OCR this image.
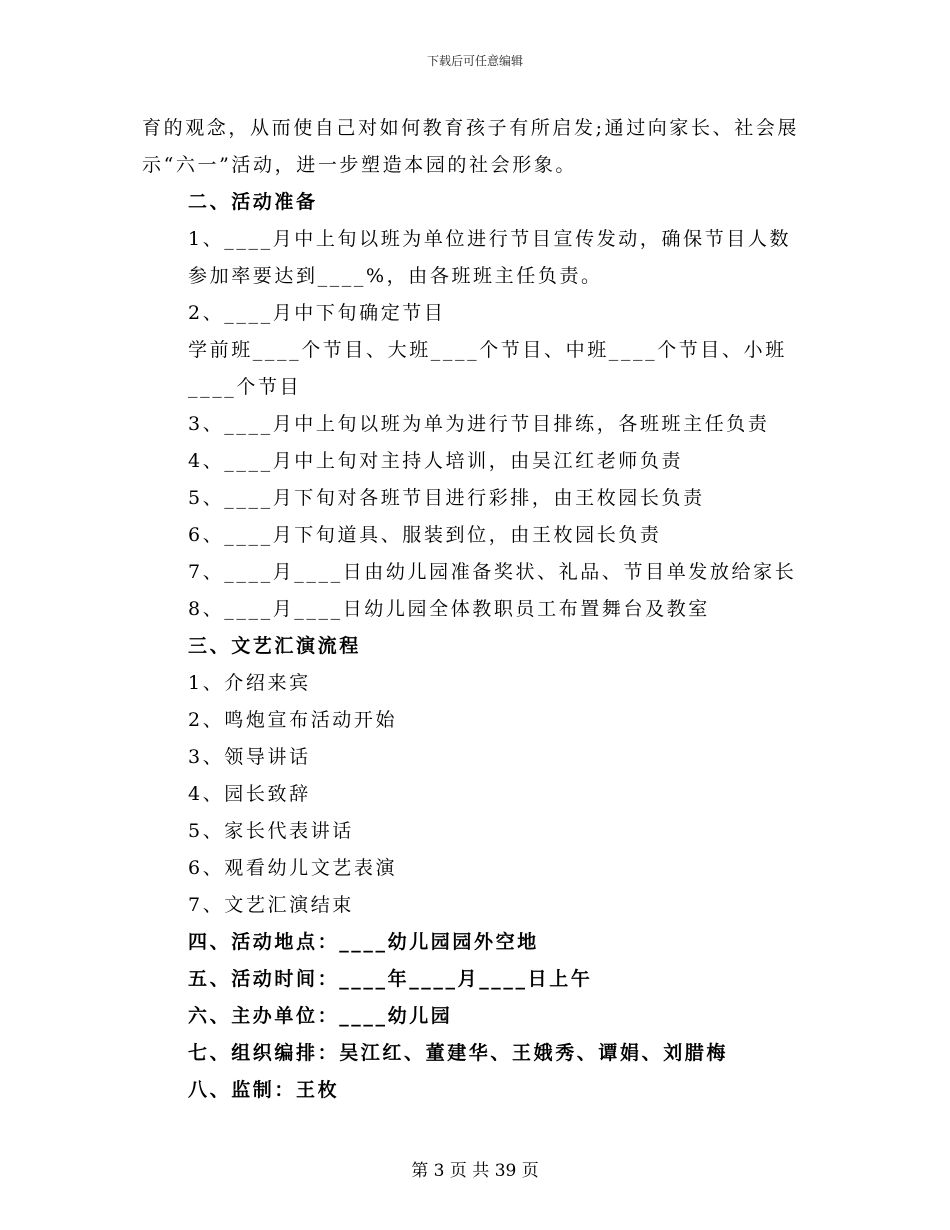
下载后可任意编辑

育的观念，从而使自己对如何教育孩子有所启发;通过向家长、社会展示“六一”活动，进一步塑造本园的社会形象。

二、活动准备

1、____月中上旬以班为单位进行节目宣传发动，确保节目人数参加率要达到____%，由各班班主任负责。

2、____月中下旬确定节目

学前班____个节目、大班____个节目、中班____个节目、小班____个节目

3、____月中上旬以班为单为进行节目排练，各班班主任负责

4、____月中上旬对主持人培训，由吴江红老师负责

5、____月下旬对各班节目进行彩排，由王枚园长负责

6、____月下旬道具、服装到位，由王枚园长负责

7、____月____日由幼儿园准备奖状、礼品、节目单发放给家长

8、____月____日幼儿园全体教职员工布置舞台及教室

三、文艺汇演流程

1、介绍来宾

2、鸣炮宣布活动开始

3、领导讲话

4、园长致辞

5、家长代表讲话

6、观看幼儿文艺表演

7、文艺汇演结束

四、活动地点：____幼儿园园外空地

五、活动时间：____年____月____日上午

六、主办单位：____幼儿园

七、组织编排：吴江红、董建华、王娥秀、谭娟、刘腊梅

八、监制：王枚

第 3 页 共 39 页
